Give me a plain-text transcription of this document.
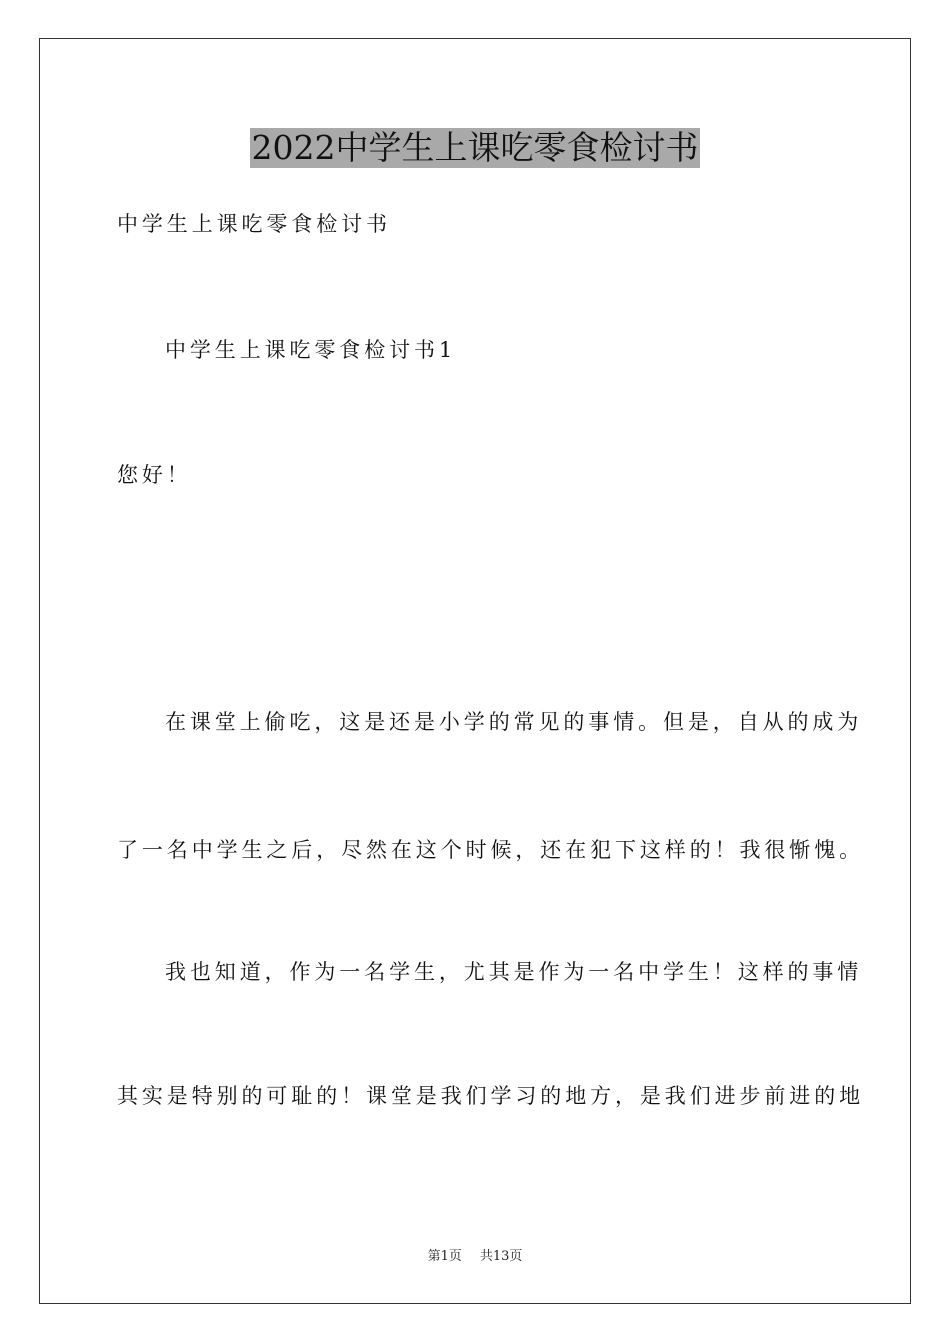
2022中学生上课吃零食检讨书
中学生上课吃零食检讨书
中学生上课吃零食检讨书1
您好！
在课堂上偷吃，这是还是小学的常见的事情。但是，自从的成为
了一名中学生之后，尽然在这个时候，还在犯下这样的！我很惭愧。
我也知道，作为一名学生，尤其是作为一名中学生！这样的事情
其实是特别的可耻的！课堂是我们学习的地方，是我们进步前进的地
第1页 共13页
